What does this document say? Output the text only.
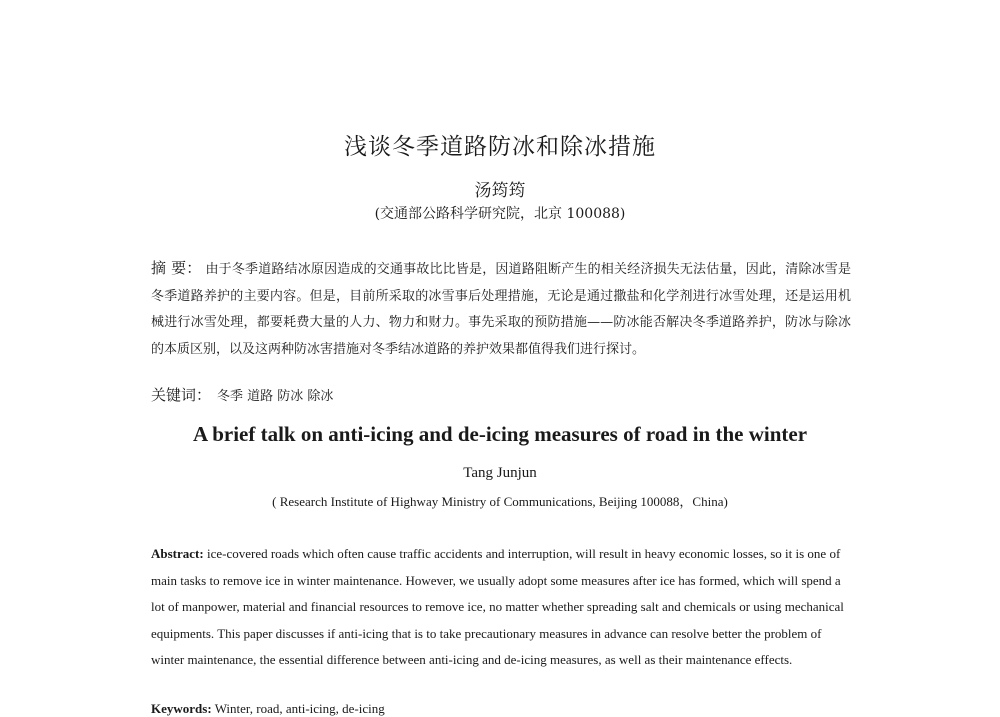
浅谈冬季道路防冰和除冰措施
汤筠筠
(交通部公路科学研究院，北京 100088)
摘 要： 由于冬季道路结冰原因造成的交通事故比比皆是，因道路阻断产生的相关经济损失无法估量，因此，清除冰雪是冬季道路养护的主要内容。但是，目前所采取的冰雪事后处理措施，无论是通过撒盐和化学剂进行冰雪处理，还是运用机械进行冰雪处理，都要耗费大量的人力、物力和财力。事先采取的预防措施——防冰能否解决冬季道路养护，防冰与除冰的本质区别，以及这两种防冰害措施对冬季结冰道路的养护效果都值得我们进行探讨。
关键词： 冬季 道路 防冰 除冰
A brief talk on anti-icing and de-icing measures of road in the winter
Tang Junjun
( Research Institute of Highway Ministry of Communications, Beijing 100088，China)
Abstract: ice-covered roads which often cause traffic accidents and interruption, will result in heavy economic losses, so it is one of main tasks to remove ice in winter maintenance. However, we usually adopt some measures after ice has formed, which will spend a lot of manpower, material and financial resources to remove ice, no matter whether spreading salt and chemicals or using mechanical equipments. This paper discusses if anti-icing that is to take precautionary measures in advance can resolve better the problem of winter maintenance, the essential difference between anti-icing and de-icing measures, as well as their maintenance effects.
Keywords: Winter, road, anti-icing, de-icing
